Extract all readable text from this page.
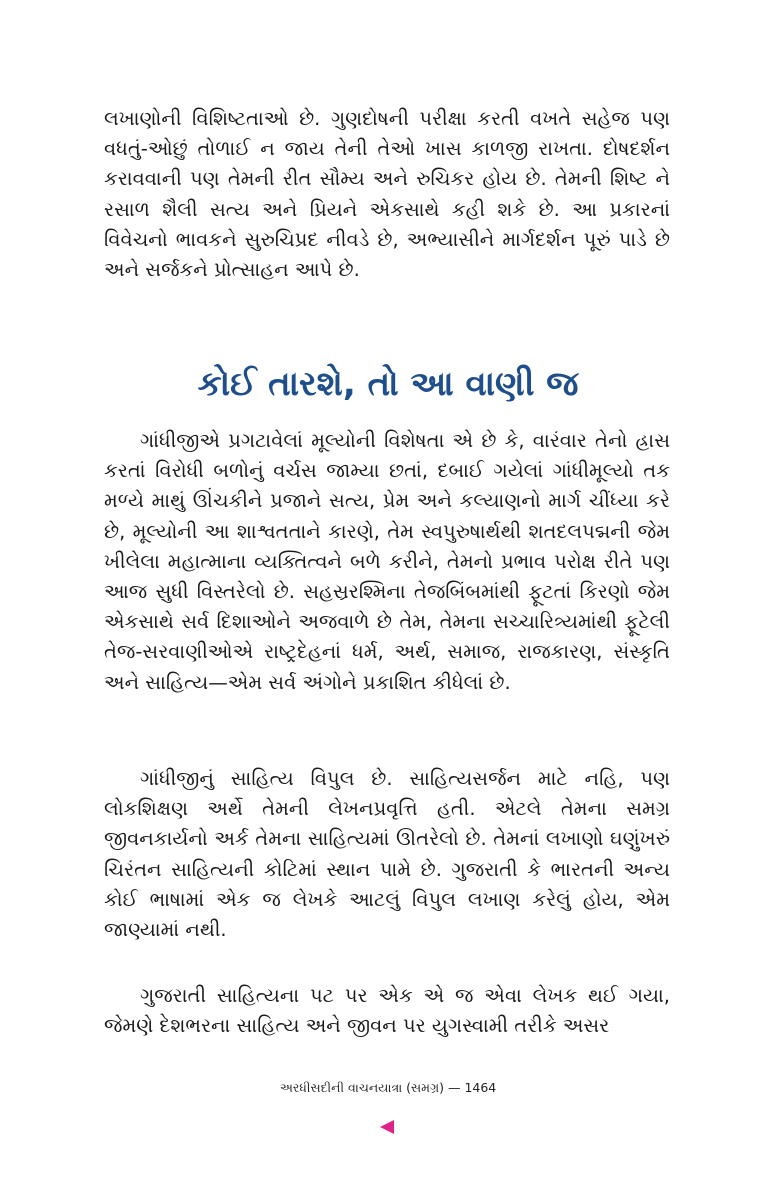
લખાણોની વિશિષ્ટતાઓ છે. ગુણદોષની પરીક્ષા કરતી વખતે સહેજ પણ વધતું-ઓછું તોળાઈ ન જાય તેની તેઓ ખાસ કાળજી રાખતા. દોષદર્શન કરાવવાની પણ તેમની રીત સૌમ્ય અને રુચિકર હોય છે. તેમની શિષ્ટ ને રસાળ શૈલી સત્ય અને પ્રિયને એકસાથે કહી શકે છે. આ પ્રકારનાં વિવેચનો ભાવકને સુરુચિપ્રદ નીવડે છે, અભ્યાસીને માર્ગદર્શન પૂરું પાડે છે અને સર્જકને પ્રોત્સાહન આપે છે.

કોઈ તારશે, તો આ વાણી જ

ગાંધીજીએ પ્રગટાવેલાં મૂલ્યોની વિશેષતા એ છે કે, વારંવાર તેનો હ્રાસ કરતાં વિરોધી બળોનું વર્ચસ જામ્યા છતાં, દબાઈ ગયેલાં ગાંધીમૂલ્યો તક મળ્યે માથું ઊંચકીને પ્રજાને સત્ય, પ્રેમ અને કલ્યાણનો માર્ગ ચીંધ્યા કરે છે, મૂલ્યોની આ શાશ્વતતાને કારણે, તેમ સ્વપુરુષાર્થથી શતદલપદ્મની જેમ ખીલેલા મહાત્માના વ્યક્તિત્વને બળે કરીને, તેમનો પ્રભાવ પરોક્ષ રીતે પણ આજ સુધી વિસ્તરેલો છે. સહસ્રરશ્મિના તેજબિંબમાંથી ફૂટતાં કિરણો જેમ એકસાથે સર્વ દિશાઓને અજવાળે છે તેમ, તેમના સચ્ચારિત્ર્યમાંથી ફૂટેલી તેજ-સરવાણીઓએ રાષ્ટ્રદેહનાં ધર્મ, અર્થ, સમાજ, રાજકારણ, સંસ્કૃતિ અને સાહિત્ય—એમ સર્વ અંગોને પ્રકાશિત કીધેલાં છે.

ગાંધીજીનું સાહિત્ય વિપુલ છે. સાહિત્યસર્જન માટે નહિ, પણ લોકશિક્ષણ અર્થે તેમની લેખનપ્રવૃત્તિ હતી. એટલે તેમના સમગ્ર જીવનકાર્યનો અર્ક તેમના સાહિત્યમાં ઊતરેલો છે. તેમનાં લખાણો ઘણુંખરું ચિરંતન સાહિત્યની કોટિમાં સ્થાન પામે છે. ગુજરાતી કે ભારતની અન્ય કોઈ ભાષામાં એક જ લેખકે આટલું વિપુલ લખાણ કરેલું હોય, એમ જાણ્યામાં નથી.

ગુજરાતી સાહિત્યના પટ પર એક એ જ એવા લેખક થઈ ગયા, જેમણે દેશભરના સાહિત્ય અને જીવન પર યુગસ્વામી તરીકે અસર

અરધીસદીની વાચનયાત્રા (સમગ્ર) — 1464
